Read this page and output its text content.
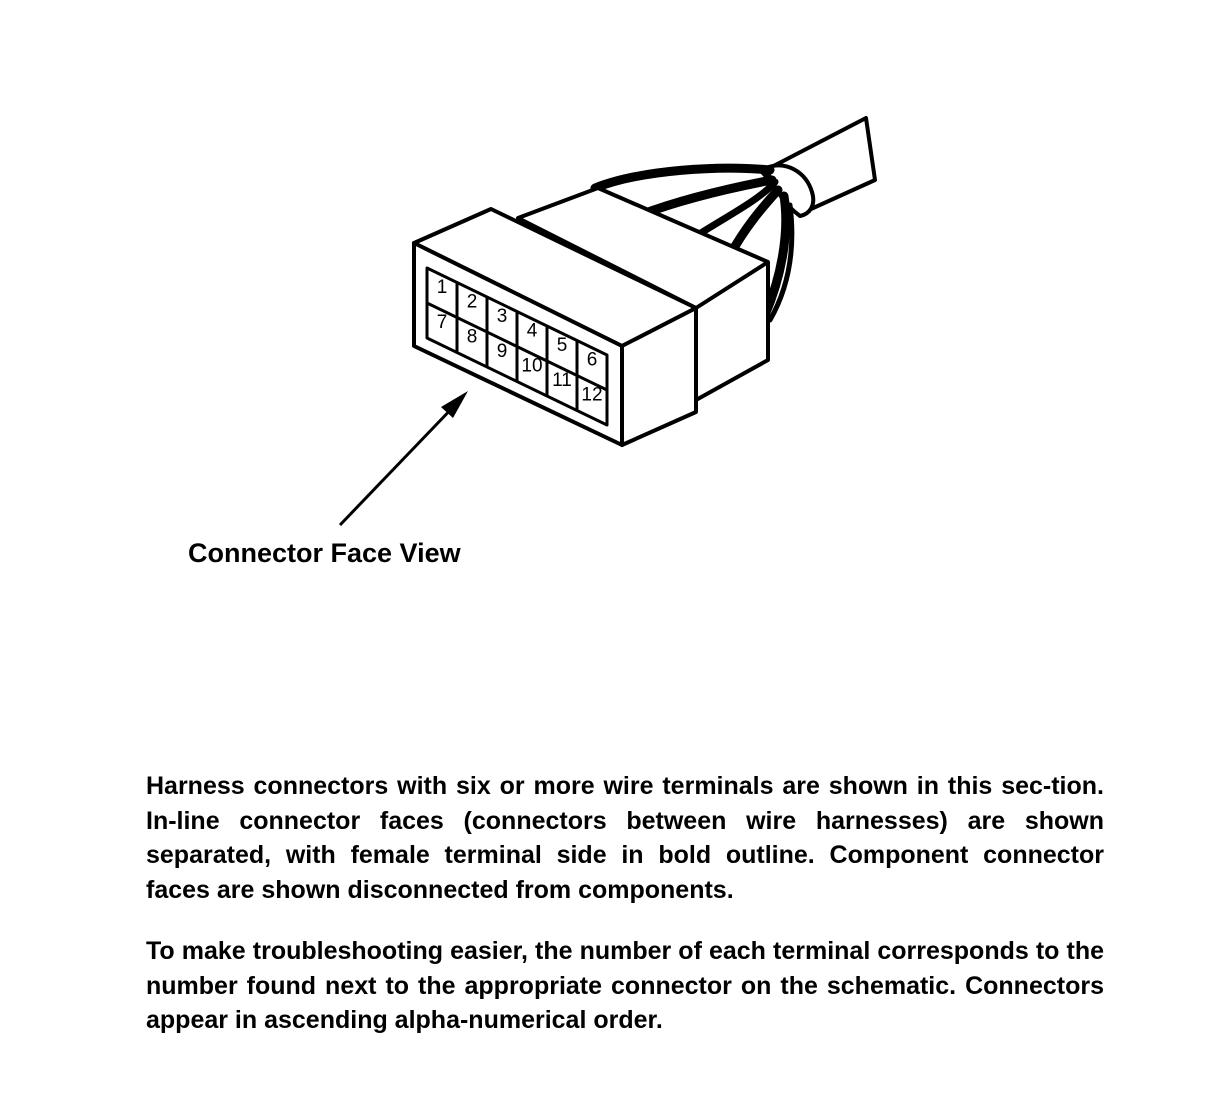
1
2
3
4
5
6
7
8
9
10
11
12
Connector Face View

Harness connectors with six or more wire terminals are shown in this sec-tion. In-line connector faces (connectors between wire harnesses) are shown separated, with female terminal side in bold outline. Component connector faces are shown disconnected from components.

To make troubleshooting easier, the number of each terminal corresponds to the number found next to the appropriate connector on the schematic. Connectors appear in ascending alpha-numerical order.
